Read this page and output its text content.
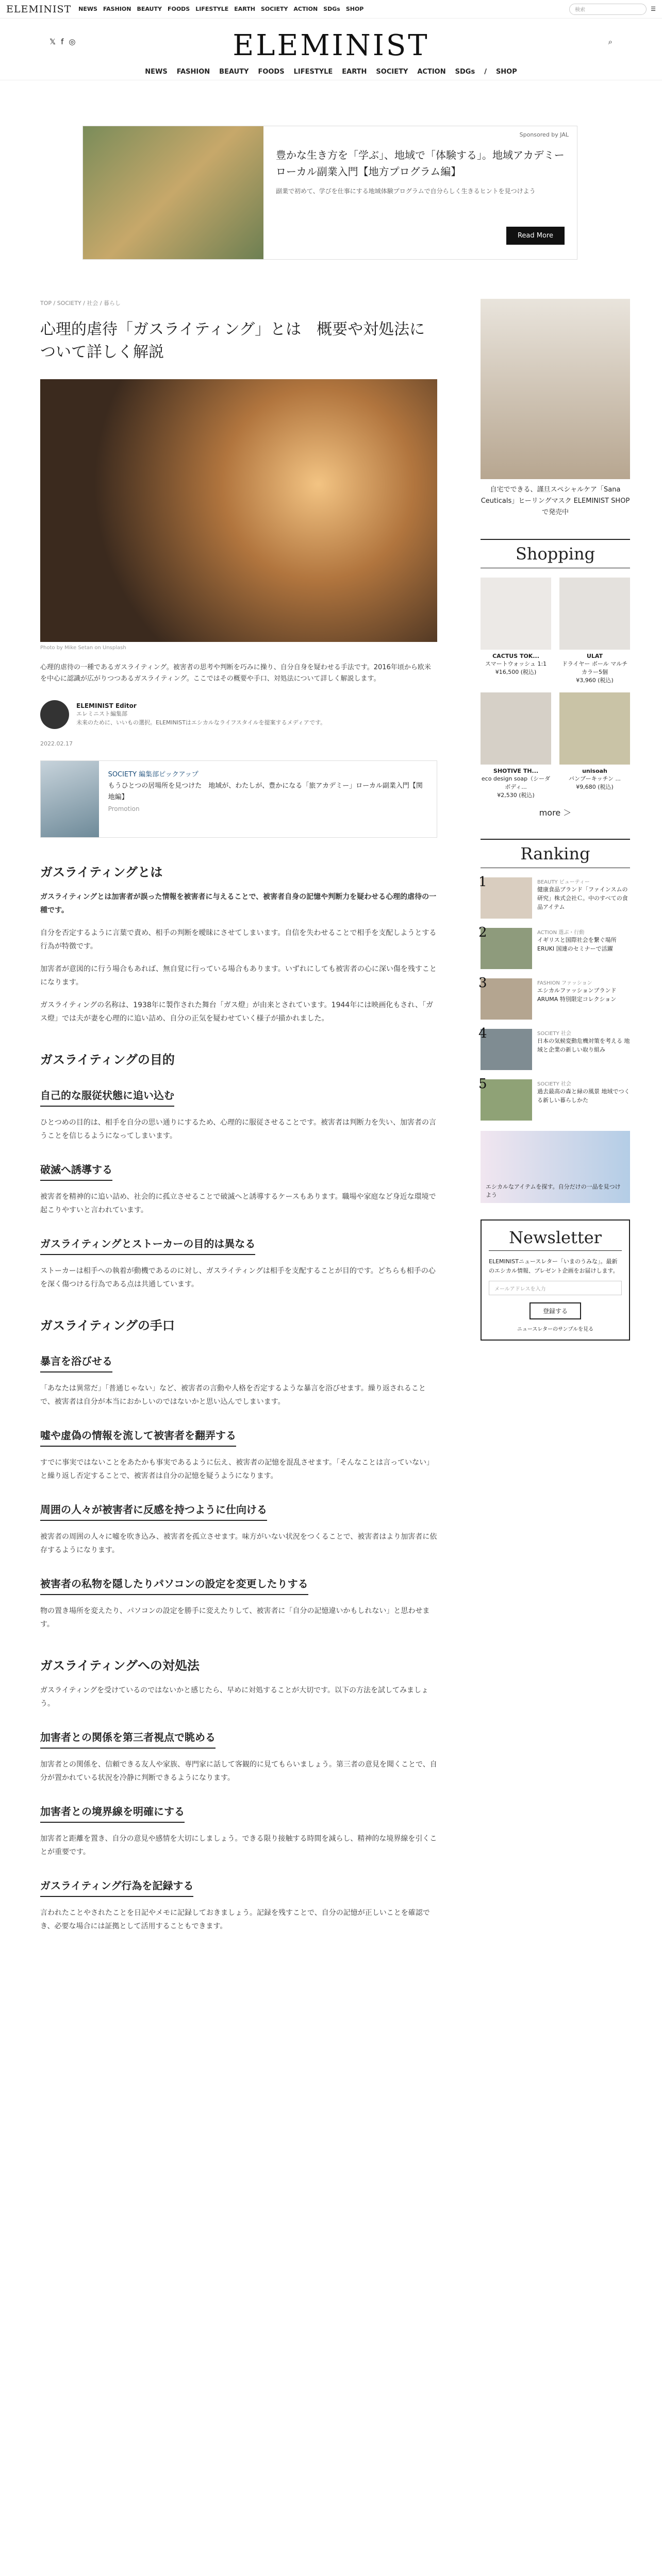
ELEMINIST NEWS FASHION BEAUTY FOODS LIFESTYLE EARTH SOCIETY ACTION SDGs SHOP	検索	☰
𝕏 f ◎	ELEMINIST	⌕
NEWS FASHION BEAUTY FOODS LIFESTYLE EARTH SOCIETY ACTION SDGs / SHOP
Sponsored by JAL
豊かな生き方を「学ぶ」、地域で「体験する」。地域アカデミー ローカル副業入門【地方プログラム編】
副業で初めて、学びを仕事にする地域体験プログラムで自分らしく生きるヒントを見つけよう
Read More
TOP / SOCIETY / 社会 / 暮らし
心理的虐待「ガスライティング」とは　概要や対処法について詳しく解説
Photo by Mike Setan on Unsplash

心理的虐待の一種であるガスライティング。被害者の思考や判断を巧みに操り、自分自身を疑わせる手法です。2016年頃から欧米を中心に認識が広がりつつあるガスライティング。ここではその概要や手口、対処法について詳しく解説します。

ELEMINIST Editor
エレミニスト編集部
未来のために、いいもの選択。ELEMINISTはエシカルなライフスタイルを提案するメディアです。
2022.02.17
SOCIETY 編集部ピックアップ
もうひとつの居場所を見つけた　地域が、わたしが、豊かになる「旅アカデミー」ローカル副業入門【関地編】
Promotion
ガスライティングとは

ガスライティングとは加害者が誤った情報を被害者に与えることで、被害者自身の記憶や判断力を疑わせる心理的虐待の一種です。

自分を否定するように言葉で責め、相手の判断を曖昧にさせてしまいます。自信を失わせることで相手を支配しようとする行為が特徴です。

加害者が意図的に行う場合もあれば、無自覚に行っている場合もあります。いずれにしても被害者の心に深い傷を残すことになります。

ガスライティングの名称は、1938年に製作された舞台「ガス燈」が由来とされています。1944年には映画化もされ、「ガス燈」では夫が妻を心理的に追い詰め、自分の正気を疑わせていく様子が描かれました。

ガスライティングの目的
自己的な服従状態に追い込む

ひとつめの目的は、相手を自分の思い通りにするため、心理的に服従させることです。被害者は判断力を失い、加害者の言うことを信じるようになってしまいます。

破滅へ誘導する

被害者を精神的に追い詰め、社会的に孤立させることで破滅へと誘導するケースもあります。職場や家庭など身近な環境で起こりやすいと言われています。

ガスライティングとストーカーの目的は異なる

ストーカーは相手への執着が動機であるのに対し、ガスライティングは相手を支配することが目的です。どちらも相手の心を深く傷つける行為である点は共通しています。

ガスライティングの手口
暴言を浴びせる

「あなたは異常だ」「普通じゃない」など、被害者の言動や人格を否定するような暴言を浴びせます。繰り返されることで、被害者は自分が本当におかしいのではないかと思い込んでしまいます。

嘘や虚偽の情報を流して被害者を翻弄する

すでに事実ではないことをあたかも事実であるように伝え、被害者の記憶を混乱させます。「そんなことは言っていない」と繰り返し否定することで、被害者は自分の記憶を疑うようになります。

周囲の人々が被害者に反感を持つように仕向ける

被害者の周囲の人々に嘘を吹き込み、被害者を孤立させます。味方がいない状況をつくることで、被害者はより加害者に依存するようになります。

被害者の私物を隠したりパソコンの設定を変更したりする

物の置き場所を変えたり、パソコンの設定を勝手に変えたりして、被害者に「自分の記憶違いかもしれない」と思わせます。

ガスライティングへの対処法

ガスライティングを受けているのではないかと感じたら、早めに対処することが大切です。以下の方法を試してみましょう。

加害者との関係を第三者視点で眺める

加害者との関係を、信頼できる友人や家族、専門家に話して客観的に見てもらいましょう。第三者の意見を聞くことで、自分が置かれている状況を冷静に判断できるようになります。

加害者との境界線を明確にする

加害者と距離を置き、自分の意見や感情を大切にしましょう。できる限り接触する時間を減らし、精神的な境界線を引くことが重要です。

ガスライティング行為を記録する

言われたことやされたことを日記やメモに記録しておきましょう。記録を残すことで、自分の記憶が正しいことを確認でき、必要な場合には証拠として活用することもできます。

自宅でできる、謹旦スペシャルケア「Sana Ceuticals」ヒーリングマスク ELEMINIST SHOPで発売中
Shopping
CACTUS TOK...
スマートウォッシュ 1:1
¥16,500 (税込)
ULAT
ドライヤー ボール マルチカラー5個
¥3,960 (税込)
SHOTIVE TH...
eco design soap（シーダボディ...
¥2,530 (税込)
unisoah
バンブーキッチン ...
¥9,680 (税込)
more ＞
Ranking
1	BEAUTY ビューティー
健康食品ブランド「ファインスムの研究」株式会社Ｃ。中のすべての食品アイテム
2	ACTION 選ぶ・行動
イギリスと国際社会を繋ぐ場所 ERUKI 国連のセミナーで活躍
3	FASHION ファッション
エシカルファッションブランド ARUMA 特別限定コレクション
4	SOCIETY 社会
日本の気候変動危機対策を考える 地域と企業の新しい取り組み
5	SOCIETY 社会
過去最高の森と緑の風景 地域でつくる新しい暮らしかた
エシカルなアイテムを探す。自分だけの一品を見つけよう
Newsletter

ELEMINISTニュースレター「いまのうみな」。最新のエシカル情報、プレゼント企画をお届けします。

メールアドレスを入力
登録する
ニュースレターのサンプルを見る
